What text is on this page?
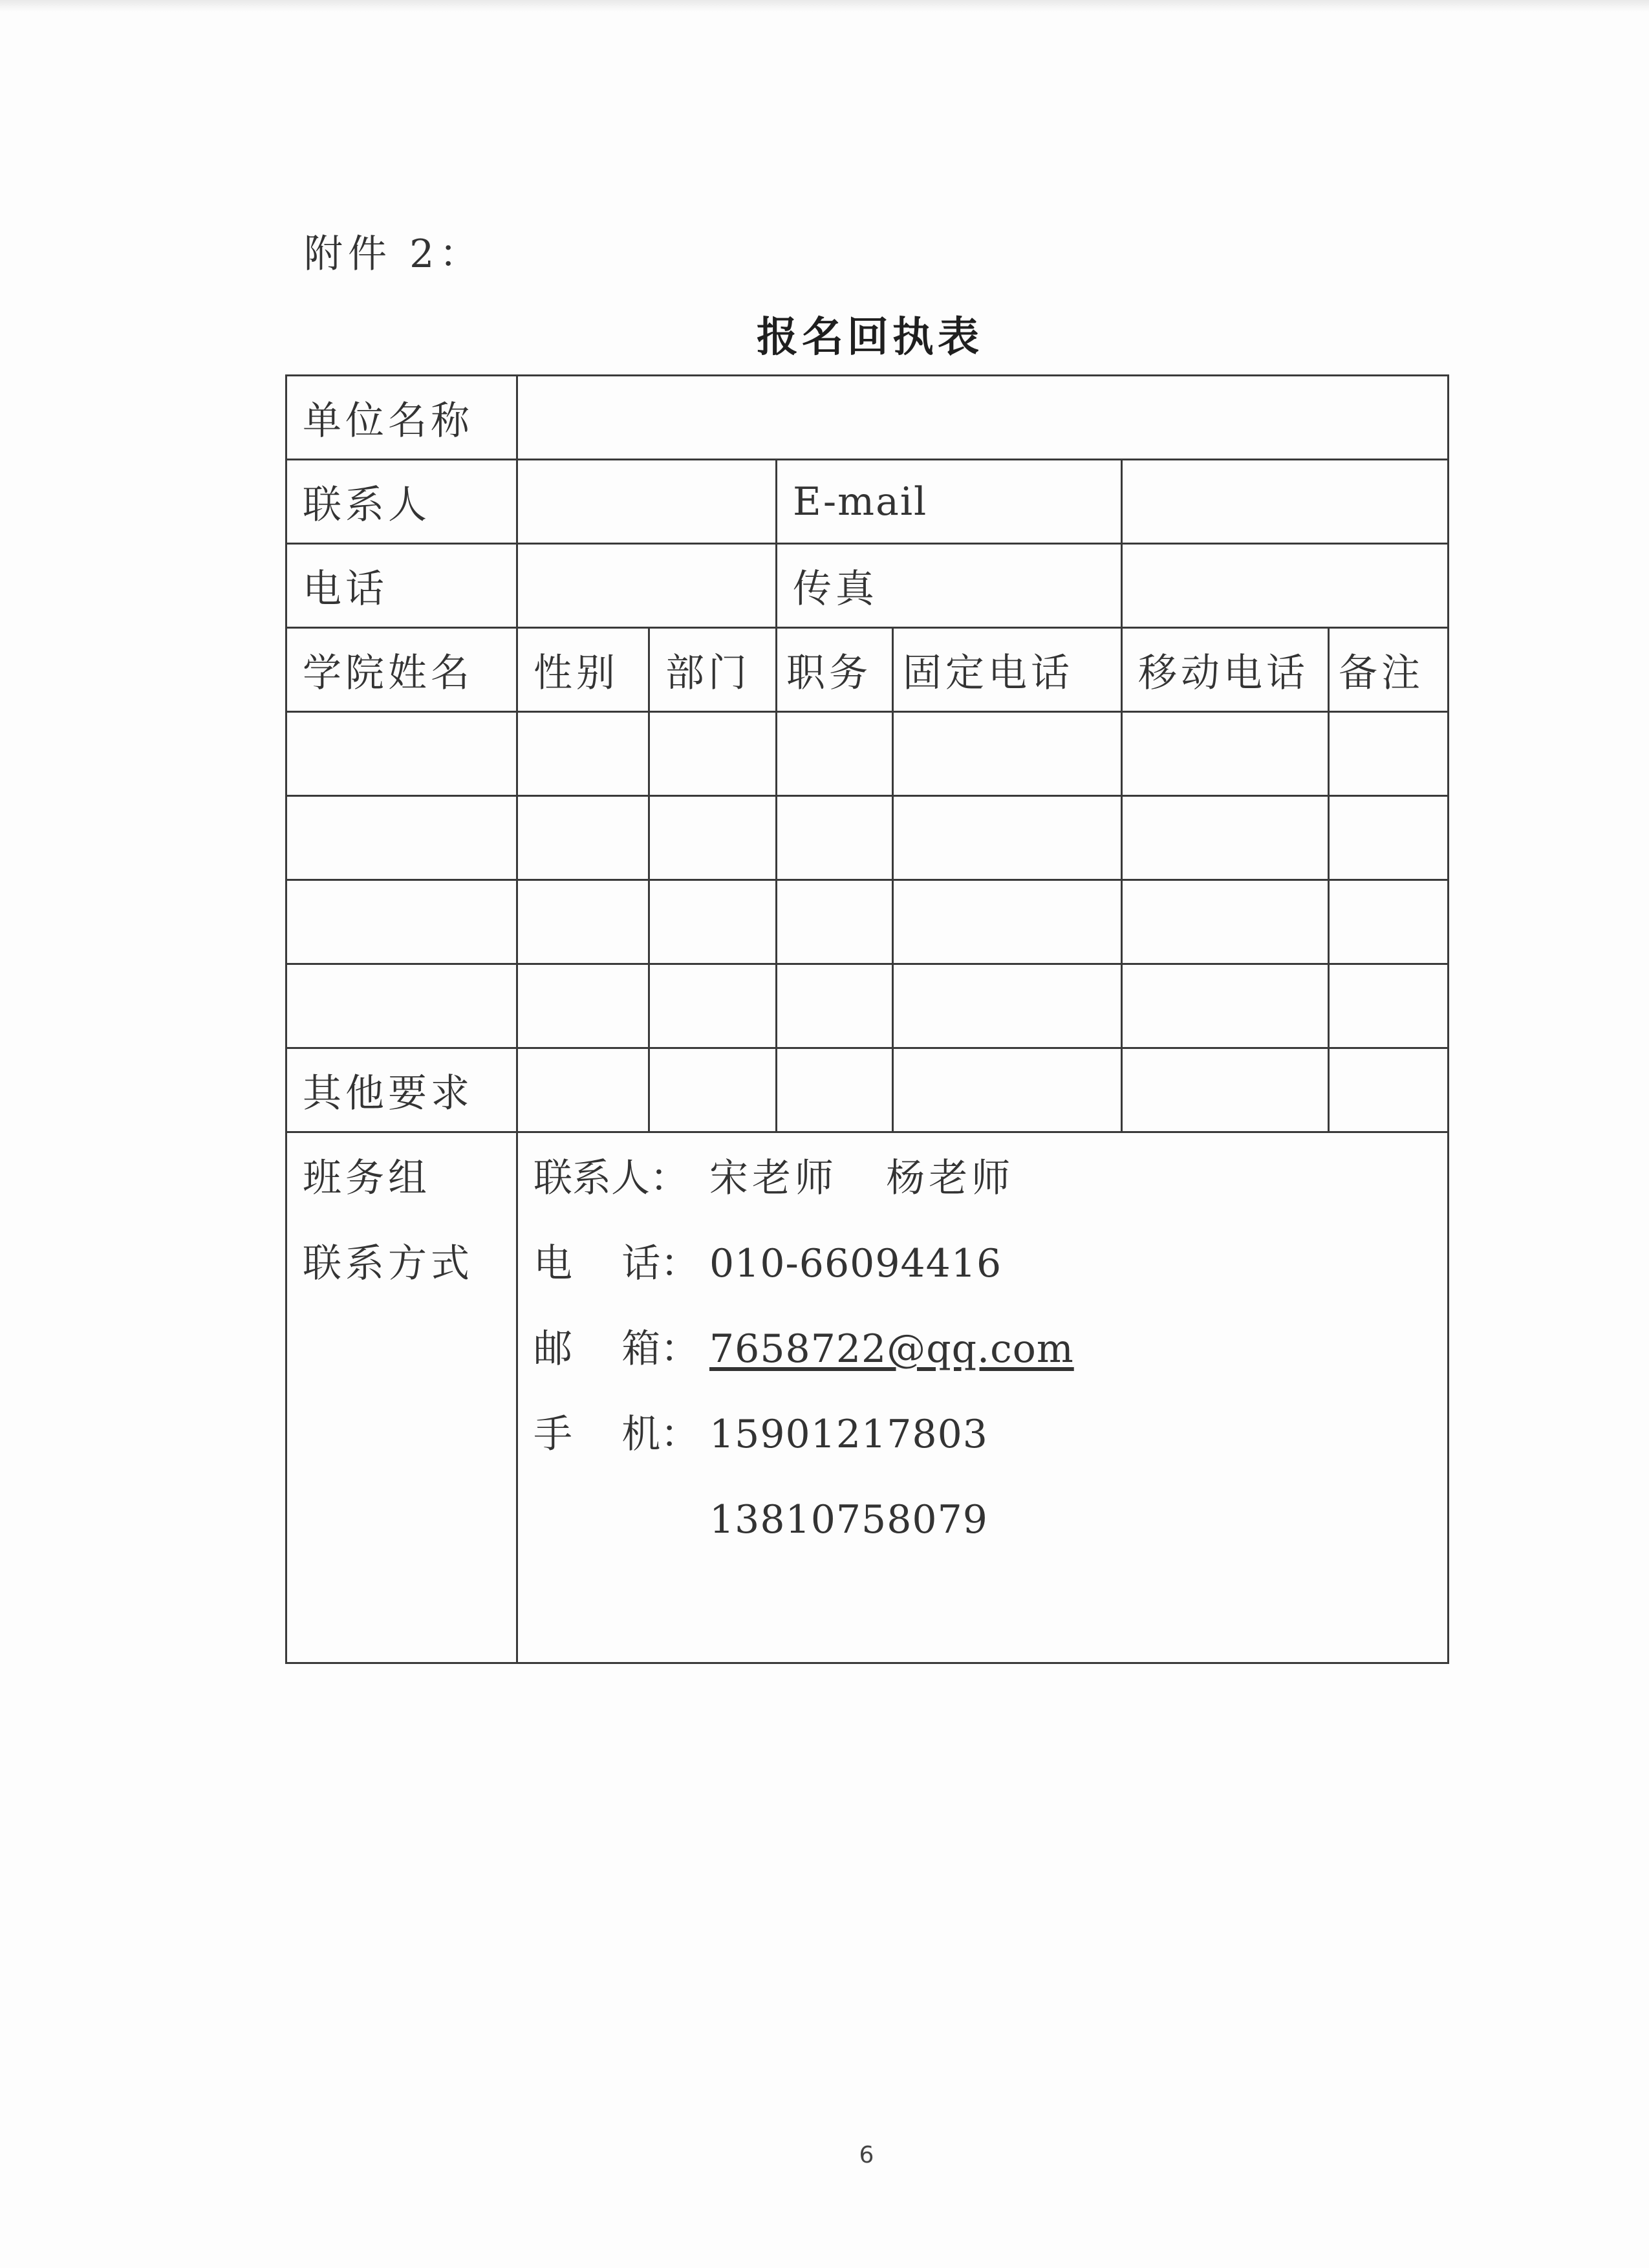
附件 2：
报名回执表
单位名称						
联系人			E-mail			
电话			传真			
学院姓名	性别	部门	职务	固定电话	移动电话	备注

其他要求						

班务组
联系方式	联系人： 宋老师   杨老师
电    话： 010-66094416
邮    箱： 7658722@qq.com
手    机： 15901217803
13810758079					
6
